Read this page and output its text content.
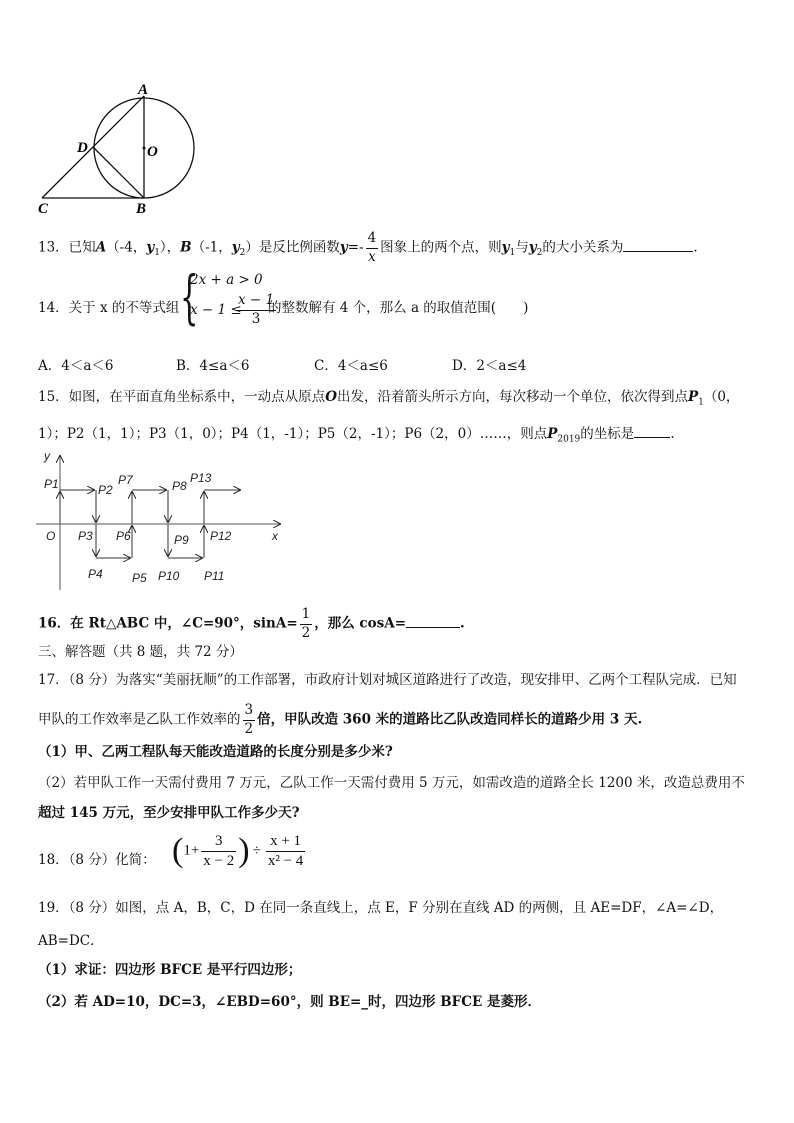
A
D	O
C	B
13．已知A（-4，$y_1$），B（-1，$y_2$）是反比例函数$y=- \frac{4}{x}$ 图象上的两个点，则$y_1$与$y_2$的大小关系为	.
14．关于 x 的不等式组 {
2x + a > 0
x − 1 ≤
$\frac{x - 1}{3}$
的整数解有 4 个，那么 a 的取值范围(　　)
A．4＜a＜6	B．4≤a＜6	C．4＜a≤6	D．2＜a≤4
15．如图，在平面直角坐标系中，一动点从原点O出发，沿着箭头所示方向，每次移动一个单位，依次得到点$P_1(0$，
1）；P2（1，1）；P3（1，0）；P4（1，-1）；P5（2，-1）；P6（2，0）……，则点$P_{2019}$的坐标是	.
y
x
O
P1	P2
P3
P4 P5
P6
P7	P8
P9
P10 P11
P12
P13
16．在 Rt△ABC 中，∠C=90°，$\sin A= \frac{1}{2}$ ，那么 cosA=	.
三、解答题（共 8 题，共 72 分）
17．（8 分）为落实“美丽抚顺”的工作部署，市政府计划对城区道路进行了改造，现安排甲、乙两个工程队完成．已知
甲队的工作效率是乙队工作效率的 $\frac{3}{2}$ 倍，甲队改造 360 米的道路比乙队改造同样长的道路少用 3 天.
（1）甲、乙两工程队每天能改造道路的长度分别是多少米?
（2）若甲队工作一天需付费用 7 万元，乙队工作一天需付费用 5 万元，如需改造的道路全长 1200 米，改造总费用不
超过 145 万元，至少安排甲队工作多少天?
18．（8 分）化简： ($1+ \frac{3}{x - 2}$ ) ÷ $\frac{x + 1}{\text{x² − 4}}$
19．（8 分）如图，点 A，B，C，D 在同一条直线上，点 E，F 分别在直线 AD 的两侧，且 AE=DF，∠A=∠D，
AB=DC．
（1）求证：四边形 BFCE 是平行四边形；
（2）若 AD=10，DC=3，∠EBD=60°，则 BE=_时，四边形 BFCE 是菱形．
